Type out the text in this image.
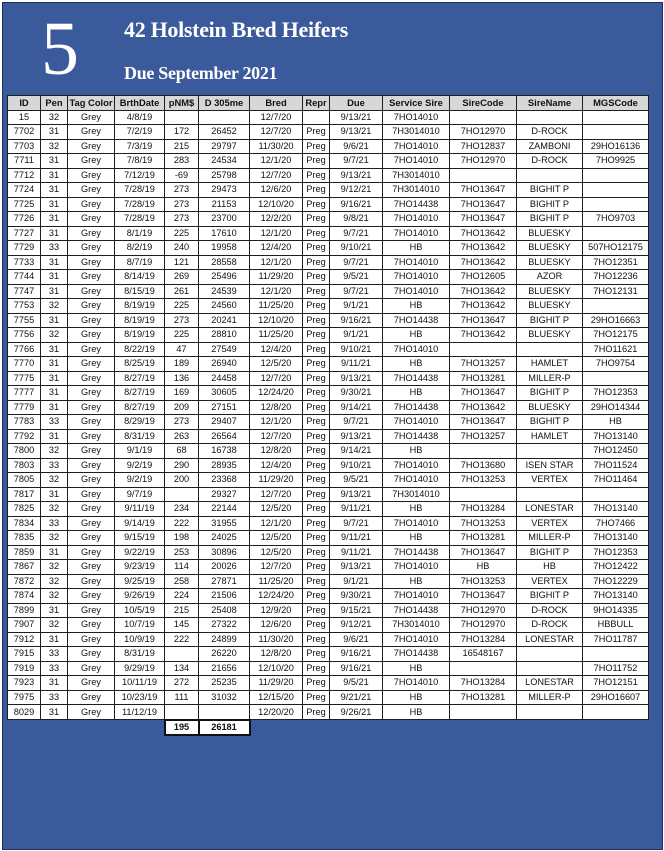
5 42 Holstein Bred Heifers
Due September 2021
ID	Pen	Tag Color	BrthDate	pNM$	D 305me	Bred	Repr	Due	Service Sire	SireCode	SireName	MGSCode
15	32	Grey	4/8/19			12/7/20		9/13/21	7HO14010			
7702	31	Grey	7/2/19	172	26452	12/7/20	Preg	9/13/21	7H3014010	7HO12970	D-ROCK	
7703	32	Grey	7/3/19	215	29797	11/30/20	Preg	9/6/21	7HO14010	7HO12837	ZAMBONI	29HO16136
7711	31	Grey	7/8/19	283	24534	12/1/20	Preg	9/7/21	7HO14010	7HO12970	D-ROCK	7HO9925
7712	31	Grey	7/12/19	-69	25798	12/7/20	Preg	9/13/21	7H3014010			
7724	31	Grey	7/28/19	273	29473	12/6/20	Preg	9/12/21	7H3014010	7HO13647	BIGHIT P	
7725	31	Grey	7/28/19	273	21153	12/10/20	Preg	9/16/21	7HO14438	7HO13647	BIGHIT P	
7726	31	Grey	7/28/19	273	23700	12/2/20	Preg	9/8/21	7HO14010	7HO13647	BIGHIT P	7HO9703
7727	31	Grey	8/1/19	225	17610	12/1/20	Preg	9/7/21	7HO14010	7HO13642	BLUESKY	
7729	33	Grey	8/2/19	240	19958	12/4/20	Preg	9/10/21	HB	7HO13642	BLUESKY	507HO12175
7733	31	Grey	8/7/19	121	28558	12/1/20	Preg	9/7/21	7HO14010	7HO13642	BLUESKY	7HO12351
7744	31	Grey	8/14/19	269	25496	11/29/20	Preg	9/5/21	7HO14010	7HO12605	AZOR	7HO12236
7747	31	Grey	8/15/19	261	24539	12/1/20	Preg	9/7/21	7HO14010	7HO13642	BLUESKY	7HO12131
7753	32	Grey	8/19/19	225	24560	11/25/20	Preg	9/1/21	HB	7HO13642	BLUESKY	
7755	31	Grey	8/19/19	273	20241	12/10/20	Preg	9/16/21	7HO14438	7HO13647	BIGHIT P	29HO16663
7756	32	Grey	8/19/19	225	28810	11/25/20	Preg	9/1/21	HB	7HO13642	BLUESKY	7HO12175
7766	31	Grey	8/22/19	47	27549	12/4/20	Preg	9/10/21	7HO14010			7HO11621
7770	31	Grey	8/25/19	189	26940	12/5/20	Preg	9/11/21	HB	7HO13257	HAMLET	7HO9754
7775	31	Grey	8/27/19	136	24458	12/7/20	Preg	9/13/21	7HO14438	7HO13281	MILLER-P	
7777	31	Grey	8/27/19	169	30605	12/24/20	Preg	9/30/21	HB	7HO13647	BIGHIT P	7HO12353
7779	31	Grey	8/27/19	209	27151	12/8/20	Preg	9/14/21	7HO14438	7HO13642	BLUESKY	29HO14344
7783	33	Grey	8/29/19	273	29407	12/1/20	Preg	9/7/21	7HO14010	7HO13647	BIGHIT P	HB
7792	31	Grey	8/31/19	263	26564	12/7/20	Preg	9/13/21	7HO14438	7HO13257	HAMLET	7HO13140
7800	32	Grey	9/1/19	68	16738	12/8/20	Preg	9/14/21	HB			7HO12450
7803	33	Grey	9/2/19	290	28935	12/4/20	Preg	9/10/21	7HO14010	7HO13680	ISEN STAR	7HO11524
7805	32	Grey	9/2/19	200	23368	11/29/20	Preg	9/5/21	7HO14010	7HO13253	VERTEX	7HO11464
7817	31	Grey	9/7/19		29327	12/7/20	Preg	9/13/21	7H3014010			
7825	32	Grey	9/11/19	234	22144	12/5/20	Preg	9/11/21	HB	7HO13284	LONESTAR	7HO13140
7834	33	Grey	9/14/19	222	31955	12/1/20	Preg	9/7/21	7HO14010	7HO13253	VERTEX	7HO7466
7835	32	Grey	9/15/19	198	24025	12/5/20	Preg	9/11/21	HB	7HO13281	MILLER-P	7HO13140
7859	31	Grey	9/22/19	253	30896	12/5/20	Preg	9/11/21	7HO14438	7HO13647	BIGHIT P	7HO12353
7867	32	Grey	9/23/19	114	20026	12/7/20	Preg	9/13/21	7HO14010	HB	HB	7HO12422
7872	32	Grey	9/25/19	258	27871	11/25/20	Preg	9/1/21	HB	7HO13253	VERTEX	7HO12229
7874	32	Grey	9/26/19	224	21506	12/24/20	Preg	9/30/21	7HO14010	7HO13647	BIGHIT P	7HO13140
7899	31	Grey	10/5/19	215	25408	12/9/20	Preg	9/15/21	7HO14438	7HO12970	D-ROCK	9HO14335
7907	32	Grey	10/7/19	145	27322	12/6/20	Preg	9/12/21	7H3014010	7HO12970	D-ROCK	HBBULL
7912	31	Grey	10/9/19	222	24899	11/30/20	Preg	9/6/21	7HO14010	7HO13284	LONESTAR	7HO11787
7915	33	Grey	8/31/19		26220	12/8/20	Preg	9/16/21	7HO14438	16548167		
7919	33	Grey	9/29/19	134	21656	12/10/20	Preg	9/16/21	HB			7HO11752
7923	31	Grey	10/11/19	272	25235	11/29/20	Preg	9/5/21	7HO14010	7HO13284	LONESTAR	7HO12151
7975	33	Grey	10/23/19	111	31032	12/15/20	Preg	9/21/21	HB	7HO13281	MILLER-P	29HO16607
8029	31	Grey	11/12/19			12/20/20	Preg	9/26/21	HB			
				195	26181							
